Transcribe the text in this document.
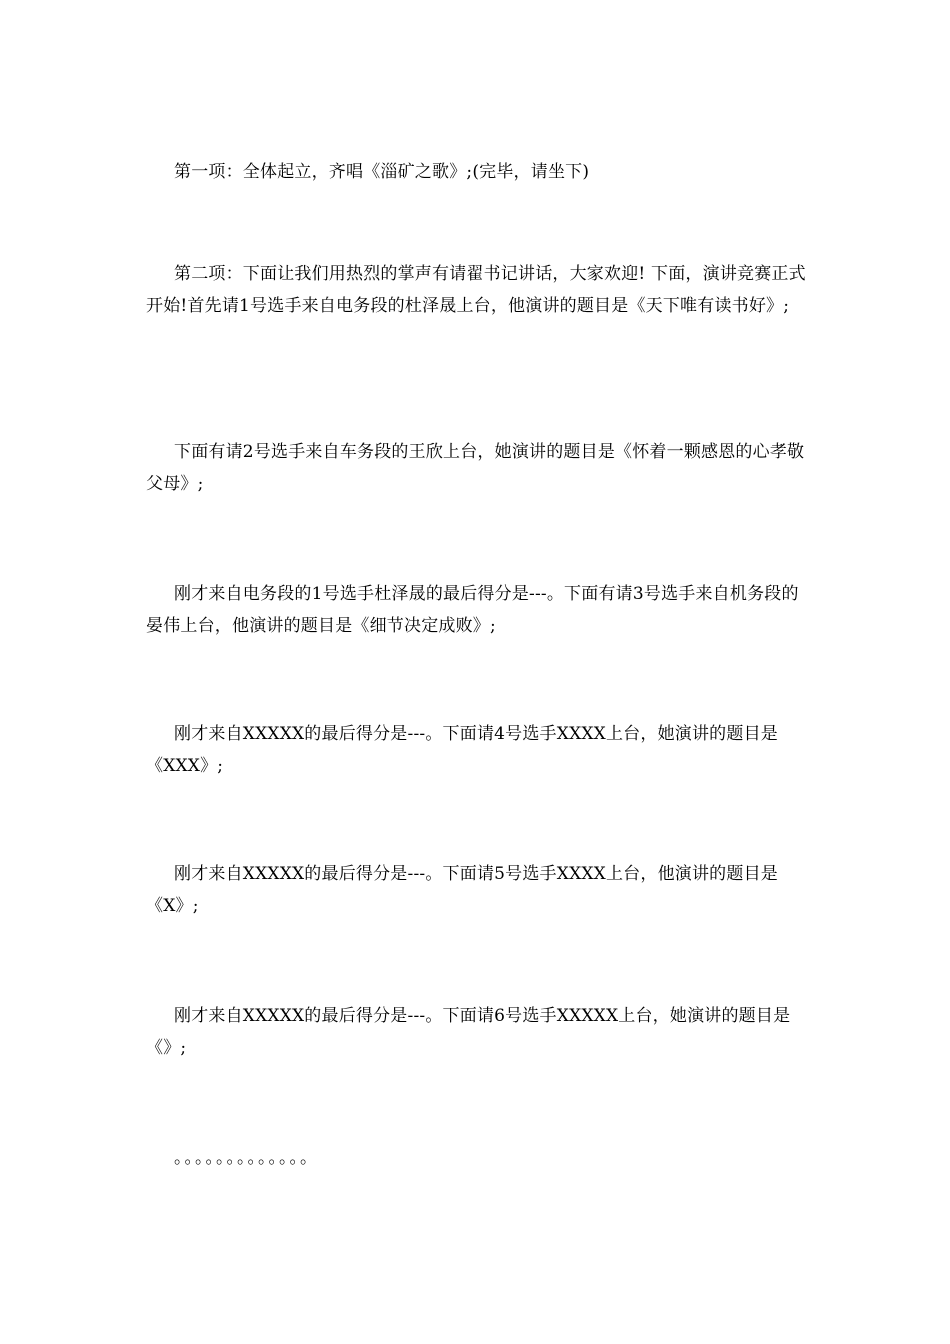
第一项：全体起立，齐唱《淄矿之歌》;(完毕，请坐下)

第二项：下面让我们用热烈的掌声有请翟书记讲话，大家欢迎! 下面，演讲竞赛正式开始!首先请1号选手来自电务段的杜泽晟上台，他演讲的题目是《天下唯有读书好》;

下面有请2号选手来自车务段的王欣上台，她演讲的题目是《怀着一颗感恩的心孝敬父母》;

刚才来自电务段的1号选手杜泽晟的最后得分是---。下面有请3号选手来自机务段的晏伟上台，他演讲的题目是《细节决定成败》;

刚才来自XXXXX的最后得分是---。下面请4号选手XXXX上台，她演讲的题目是《XXX》;

刚才来自XXXXX的最后得分是---。下面请5号选手XXXX上台，他演讲的题目是《X》;

刚才来自XXXXX的最后得分是---。下面请6号选手XXXXX上台，她演讲的题目是《》;

。。。。。。。。。。。。。
